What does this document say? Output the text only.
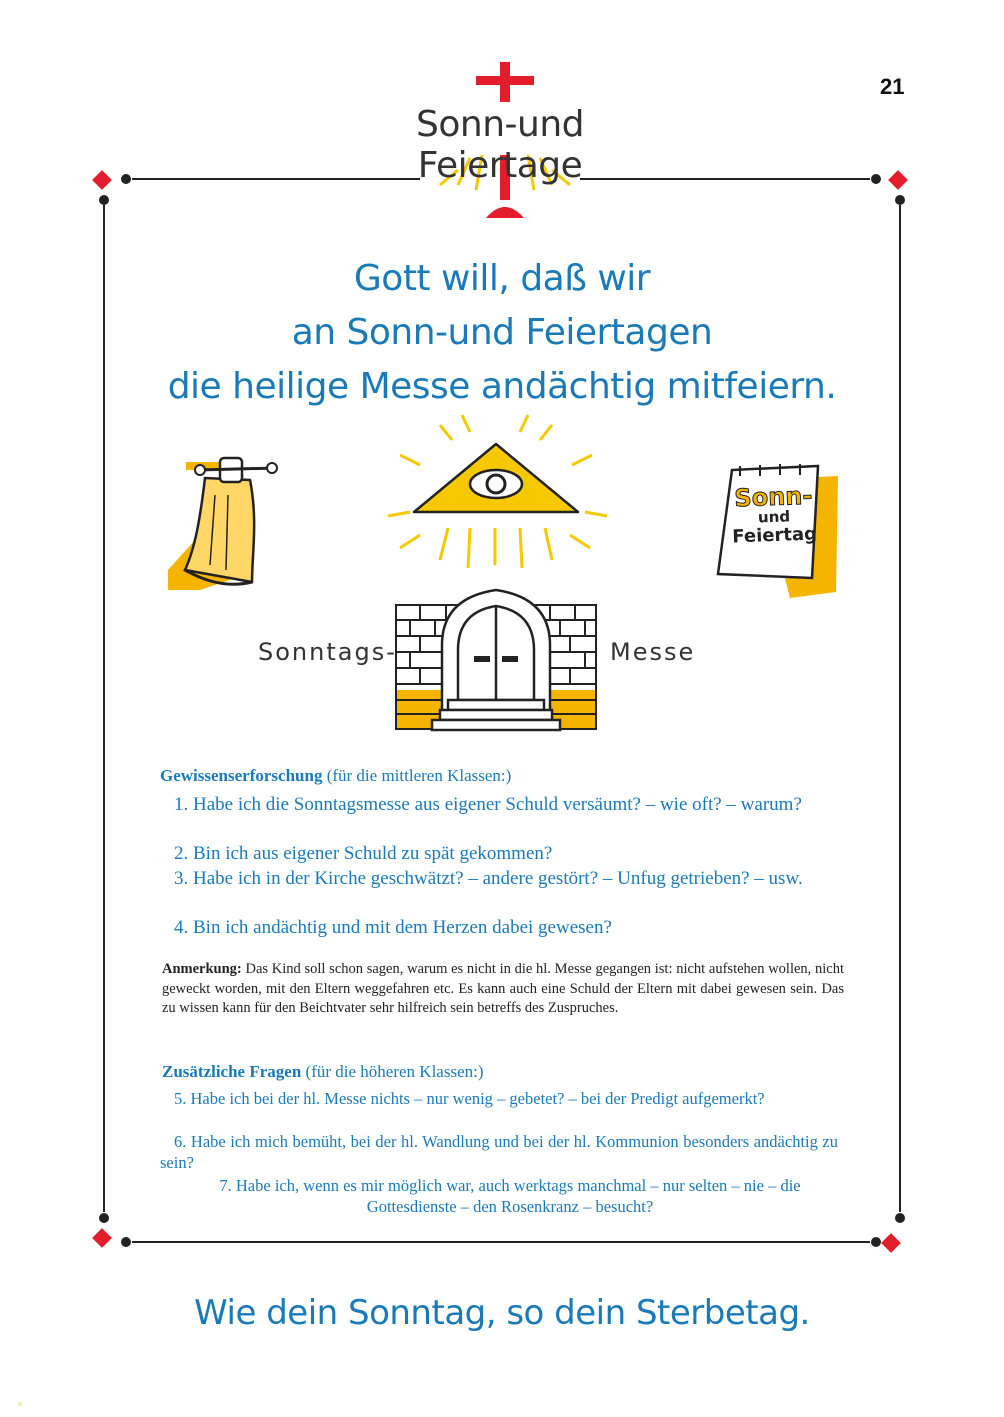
21
Sonn-und Feiertage
Gott will, daß wir
an Sonn-und Feiertagen
die heilige Messe andächtig mitfeiern.
Sonn-
und
Feiertag
Sonntags-	Messe
Gewissenserforschung (für die mittleren Klassen:)
1. Habe ich die Sonntagsmesse aus eigener Schuld versäumt? – wie oft? – warum?
2. Bin ich aus eigener Schuld zu spät gekommen?
3. Habe ich in der Kirche geschwätzt? – andere gestört? – Unfug getrieben? – usw.
4. Bin ich andächtig und mit dem Herzen dabei gewesen?
Anmerkung: Das Kind soll schon sagen, warum es nicht in die hl. Messe gegangen ist: nicht aufstehen wollen, nicht geweckt worden, mit den Eltern weggefahren etc. Es kann auch eine Schuld der Eltern mit dabei gewesen sein. Das zu wissen kann für den Beichtvater sehr hilfreich sein betreffs des Zuspruches.
Zusätzliche Fragen (für die höheren Klassen:)
5. Habe ich bei der hl. Messe nichts – nur wenig – gebetet? – bei der Predigt aufgemerkt?
6. Habe ich mich bemüht, bei der hl. Wandlung und bei der hl. Kommunion besonders andächtig zu sein?
7. Habe ich, wenn es mir möglich war, auch werktags manchmal – nur selten – nie – die Gottesdienste – den Rosenkranz – besucht?
Wie dein Sonntag, so dein Sterbetag.
